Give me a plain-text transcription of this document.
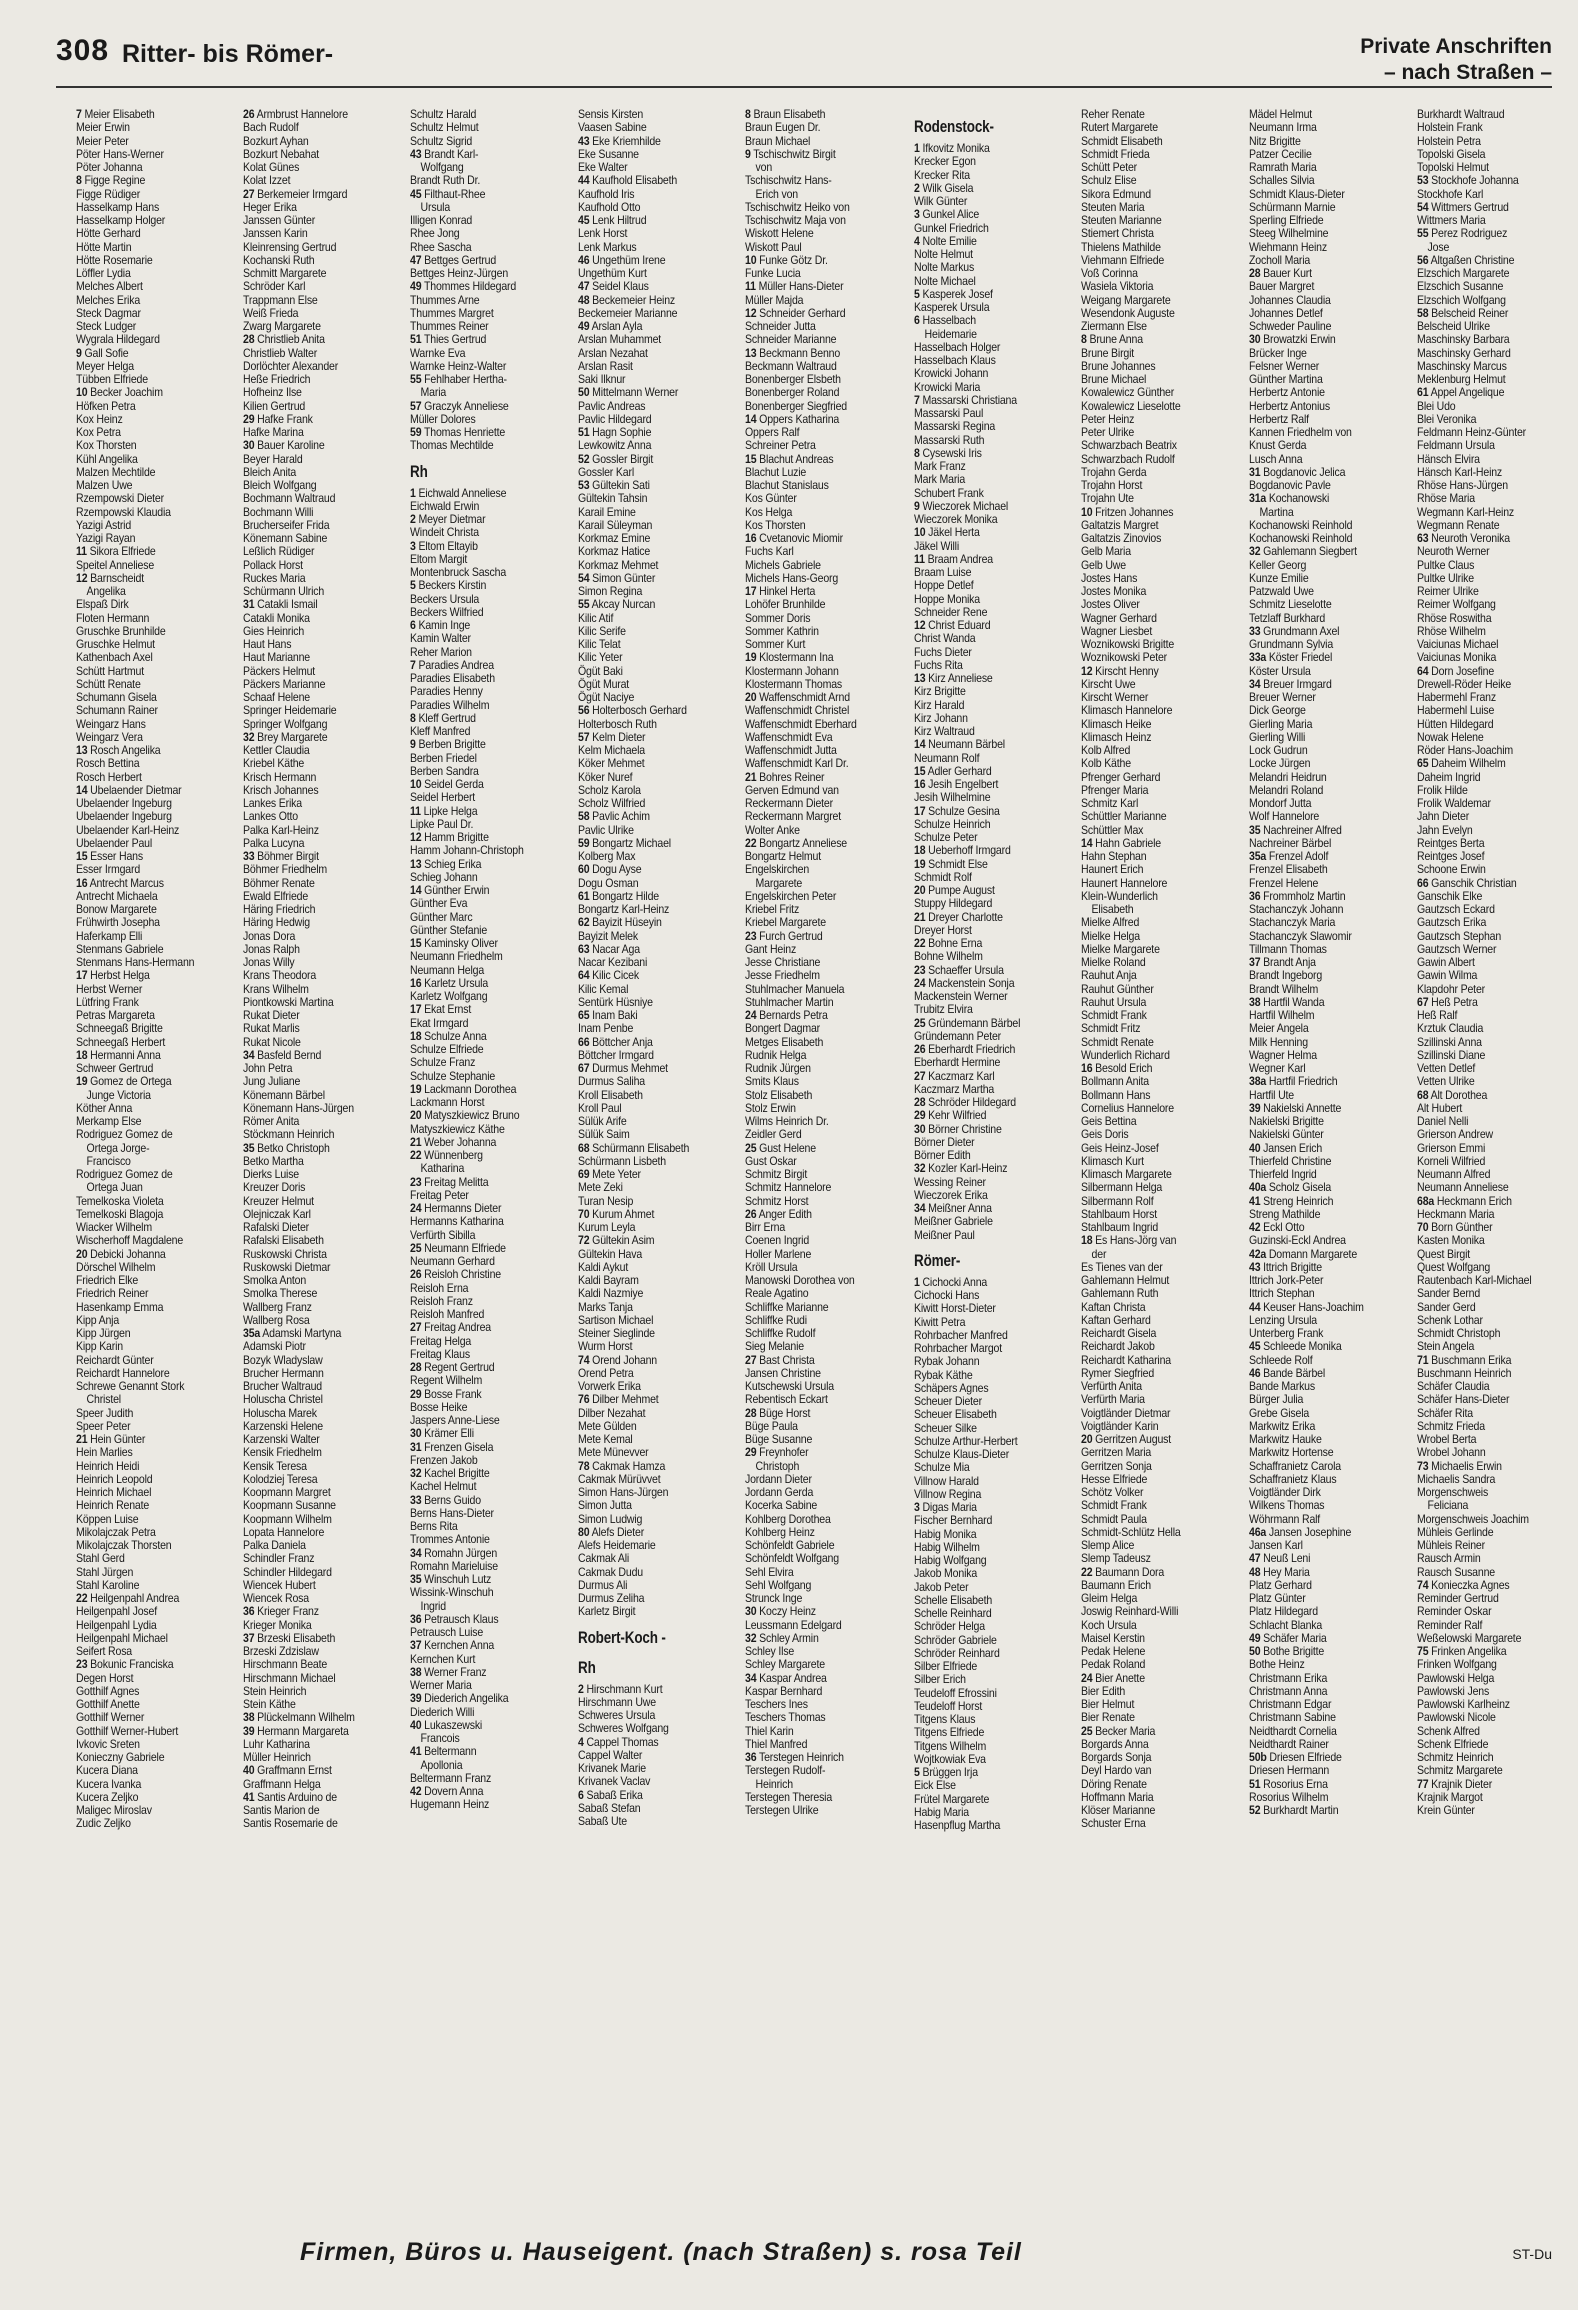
308 Ritter- bis Römer-	Private Anschriften
– nach Straßen –
7 Meier Elisabeth
Meier Erwin
Meier Peter
Pöter Hans-Werner
Pöter Johanna
8 Figge Regine
Figge Rüdiger
Hasselkamp Hans
Hasselkamp Holger
Hötte Gerhard
Hötte Martin
Hötte Rosemarie
Löffler Lydia
Melches Albert
Melches Erika
Steck Dagmar
Steck Ludger
Wygrala Hildegard
9 Gall Sofie
Meyer Helga
Tübben Elfriede
10 Becker Joachim
Höfken Petra
Kox Heinz
Kox Petra
Kox Thorsten
Kühl Angelika
Malzen Mechtilde
Malzen Uwe
Rzempowski Dieter
Rzempowski Klaudia
Yazigi Astrid
Yazigi Rayan
11 Sikora Elfriede
Speitel Anneliese
12 Barnscheidt
Angelika
Elspaß Dirk
Floten Hermann
Gruschke Brunhilde
Gruschke Helmut
Kathenbach Axel
Schütt Hartmut
Schütt Renate
Schumann Gisela
Schumann Rainer
Weingarz Hans
Weingarz Vera
13 Rosch Angelika
Rosch Bettina
Rosch Herbert
14 Ubelaender Dietmar
Ubelaender Ingeburg
Ubelaender Ingeburg
Ubelaender Karl-Heinz
Ubelaender Paul
15 Esser Hans
Esser Irmgard
16 Antrecht Marcus
Antrecht Michaela
Bonow Margarete
Frühwirth Josepha
Haferkamp Elli
Stenmans Gabriele
Stenmans Hans-Hermann
17 Herbst Helga
Herbst Werner
Lütfring Frank
Petras Margareta
Schneegaß Brigitte
Schneegaß Herbert
18 Hermanni Anna
Schweer Gertrud
19 Gomez de Ortega
Junge Victoria
Köther Anna
Merkamp Else
Rodriguez Gomez de
Ortega Jorge-
Francisco
Rodriguez Gomez de
Ortega Juan
Temelkoska Violeta
Temelkoski Blagoja
Wiacker Wilhelm
Wischerhoff Magdalene
20 Debicki Johanna
Dörschel Wilhelm
Friedrich Elke
Friedrich Reiner
Hasenkamp Emma
Kipp Anja
Kipp Jürgen
Kipp Karin
Reichardt Günter
Reichardt Hannelore
Schrewe Genannt Stork
Christel
Speer Judith
Speer Peter
21 Hein Günter
Hein Marlies
Heinrich Heidi
Heinrich Leopold
Heinrich Michael
Heinrich Renate
Köppen Luise
Mikolajczak Petra
Mikolajczak Thorsten
Stahl Gerd
Stahl Jürgen
Stahl Karoline
22 Heilgenpahl Andrea
Heilgenpahl Josef
Heilgenpahl Lydia
Heilgenpahl Michael
Seifert Rosa
23 Bokunic Franciska
Degen Horst
Gotthilf Agnes
Gotthilf Anette
Gotthilf Werner
Gotthilf Werner-Hubert
Ivkovic Sreten
Konieczny Gabriele
Kucera Diana
Kucera Ivanka
Kucera Zeljko
Maligec Miroslav
Zudic Zeljko
26 Armbrust Hannelore
Bach Rudolf
Bozkurt Ayhan
Bozkurt Nebahat
Kolat Günes
Kolat Izzet
27 Berkemeier Irmgard
Heger Erika
Janssen Günter
Janssen Karin
Kleinrensing Gertrud
Kochanski Ruth
Schmitt Margarete
Schröder Karl
Trappmann Else
Weiß Frieda
Zwarg Margarete
28 Christlieb Anita
Christlieb Walter
Dorlöchter Alexander
Heße Friedrich
Hofheinz Ilse
Kilien Gertrud
29 Hafke Frank
Hafke Marina
30 Bauer Karoline
Beyer Harald
Bleich Anita
Bleich Wolfgang
Bochmann Waltraud
Bochmann Willi
Brucherseifer Frida
Könemann Sabine
Leßlich Rüdiger
Pollack Horst
Ruckes Maria
Schürmann Ulrich
31 Catakli Ismail
Catakli Monika
Gies Heinrich
Haut Hans
Haut Marianne
Päckers Helmut
Päckers Marianne
Schaaf Helene
Springer Heidemarie
Springer Wolfgang
32 Brey Margarete
Kettler Claudia
Kriebel Käthe
Krisch Hermann
Krisch Johannes
Lankes Erika
Lankes Otto
Palka Karl-Heinz
Palka Lucyna
33 Böhmer Birgit
Böhmer Friedhelm
Böhmer Renate
Ewald Elfriede
Häring Friedrich
Häring Hedwig
Jonas Dora
Jonas Ralph
Jonas Willy
Krans Theodora
Krans Wilhelm
Piontkowski Martina
Rukat Dieter
Rukat Marlis
Rukat Nicole
34 Basfeld Bernd
John Petra
Jung Juliane
Könemann Bärbel
Könemann Hans-Jürgen
Römer Anita
Stöckmann Heinrich
35 Betko Christoph
Betko Martha
Dierks Luise
Kreuzer Doris
Kreuzer Helmut
Olejniczak Karl
Rafalski Dieter
Rafalski Elisabeth
Ruskowski Christa
Ruskowski Dietmar
Smolka Anton
Smolka Therese
Wallberg Franz
Wallberg Rosa
35a Adamski Martyna
Adamski Piotr
Bozyk Wladyslaw
Brucher Hermann
Brucher Waltraud
Holuscha Christel
Holuscha Marek
Karzenski Helene
Karzenski Walter
Kensik Friedhelm
Kensik Teresa
Kolodziej Teresa
Koopmann Margret
Koopmann Susanne
Koopmann Wilhelm
Lopata Hannelore
Palka Daniela
Schindler Franz
Schindler Hildegard
Wiencek Hubert
Wiencek Rosa
36 Krieger Franz
Krieger Monika
37 Brzeski Elisabeth
Brzeski Zdzislaw
Hirschmann Beate
Hirschmann Michael
Stein Heinrich
Stein Käthe
38 Plückelmann Wilhelm
39 Hermann Margareta
Luhr Katharina
Müller Heinrich
40 Graffmann Ernst
Graffmann Helga
41 Santis Arduino de
Santis Marion de
Santis Rosemarie de
Schultz Harald
Schultz Helmut
Schultz Sigrid
43 Brandt Karl-
Wolfgang
Brandt Ruth Dr.
45 Filthaut-Rhee
Ursula
Illigen Konrad
Rhee Jong
Rhee Sascha
47 Bettges Gertrud
Bettges Heinz-Jürgen
49 Thommes Hildegard
Thummes Arne
Thummes Margret
Thummes Reiner
51 Thies Gertrud
Warnke Eva
Warnke Heinz-Walter
55 Fehlhaber Hertha-
Maria
57 Graczyk Anneliese
Müller Dolores
59 Thomas Henriette
Thomas Mechtilde
Rh
1 Eichwald Anneliese
Eichwald Erwin
2 Meyer Dietmar
Windeit Christa
3 Eltom Eltayib
Eltom Margit
Montenbruck Sascha
5 Beckers Kirstin
Beckers Ursula
Beckers Wilfried
6 Kamin Inge
Kamin Walter
Reher Marion
7 Paradies Andrea
Paradies Elisabeth
Paradies Henny
Paradies Wilhelm
8 Kleff Gertrud
Kleff Manfred
9 Berben Brigitte
Berben Friedel
Berben Sandra
10 Seidel Gerda
Seidel Herbert
11 Lipke Helga
Lipke Paul Dr.
12 Hamm Brigitte
Hamm Johann-Christoph
13 Schieg Erika
Schieg Johann
14 Günther Erwin
Günther Eva
Günther Marc
Günther Stefanie
15 Kaminsky Oliver
Neumann Friedhelm
Neumann Helga
16 Karletz Ursula
Karletz Wolfgang
17 Ekat Ernst
Ekat Irmgard
18 Schulze Anna
Schulze Elfriede
Schulze Franz
Schulze Stephanie
19 Lackmann Dorothea
Lackmann Horst
20 Matyszkiewicz Bruno
Matyszkiewicz Käthe
21 Weber Johanna
22 Wünnenberg
Katharina
23 Freitag Melitta
Freitag Peter
24 Hermanns Dieter
Hermanns Katharina
Verfürth Sibilla
25 Neumann Elfriede
Neumann Gerhard
26 Reisloh Christine
Reisloh Erna
Reisloh Franz
Reisloh Manfred
27 Freitag Andrea
Freitag Helga
Freitag Klaus
28 Regent Gertrud
Regent Wilhelm
29 Bosse Frank
Bosse Heike
Jaspers Anne-Liese
30 Krämer Elli
31 Frenzen Gisela
Frenzen Jakob
32 Kachel Brigitte
Kachel Helmut
33 Berns Guido
Berns Hans-Dieter
Berns Rita
Trommes Antonie
34 Romahn Jürgen
Romahn Marieluise
35 Winschuh Lutz
Wissink-Winschuh
Ingrid
36 Petrausch Klaus
Petrausch Luise
37 Kernchen Anna
Kernchen Kurt
38 Werner Franz
Werner Maria
39 Diederich Angelika
Diederich Willi
40 Lukaszewski
Francois
41 Beltermann
Apollonia
Beltermann Franz
42 Dovern Anna
Hugemann Heinz
Sensis Kirsten
Vaasen Sabine
43 Eke Kriemhilde
Eke Susanne
Eke Walter
44 Kaufhold Elisabeth
Kaufhold Iris
Kaufhold Otto
45 Lenk Hiltrud
Lenk Horst
Lenk Markus
46 Ungethüm Irene
Ungethüm Kurt
47 Seidel Klaus
48 Beckemeier Heinz
Beckemeier Marianne
49 Arslan Ayla
Arslan Muhammet
Arslan Nezahat
Arslan Rasit
Saki Ilknur
50 Mittelmann Werner
Pavlic Andreas
Pavlic Hildegard
51 Hagn Sophie
Lewkowitz Anna
52 Gossler Birgit
Gossler Karl
53 Gültekin Sati
Gültekin Tahsin
Karail Emine
Karail Süleyman
Korkmaz Emine
Korkmaz Hatice
Korkmaz Mehmet
54 Simon Günter
Simon Regina
55 Akcay Nurcan
Kilic Atif
Kilic Serife
Kilic Telat
Kilic Yeter
Ögüt Baki
Ögüt Murat
Ögüt Naciye
56 Holterbosch Gerhard
Holterbosch Ruth
57 Kelm Dieter
Kelm Michaela
Köker Mehmet
Köker Nuref
Scholz Karola
Scholz Wilfried
58 Pavlic Achim
Pavlic Ulrike
59 Bongartz Michael
Kolberg Max
60 Dogu Ayse
Dogu Osman
61 Bongartz Hilde
Bongartz Karl-Heinz
62 Bayizit Hüseyin
Bayizit Melek
63 Nacar Aga
Nacar Kezibani
64 Kilic Cicek
Kilic Kemal
Sentürk Hüsniye
65 Inam Baki
Inam Penbe
66 Böttcher Anja
Böttcher Irmgard
67 Durmus Mehmet
Durmus Saliha
Kroll Elisabeth
Kroll Paul
Sülük Arife
Sülük Saim
68 Schürmann Elisabeth
Schürmann Lisbeth
69 Mete Yeter
Mete Zeki
Turan Nesip
70 Kurum Ahmet
Kurum Leyla
72 Gültekin Asim
Gültekin Hava
Kaldi Aykut
Kaldi Bayram
Kaldi Nazmiye
Marks Tanja
Sartison Michael
Steiner Sieglinde
Wurm Horst
74 Orend Johann
Orend Petra
Vorwerk Erika
76 Dilber Mehmet
Dilber Nezahat
Mete Gülden
Mete Kemal
Mete Münevver
78 Cakmak Hamza
Cakmak Mürüvvet
Simon Hans-Jürgen
Simon Jutta
Simon Ludwig
80 Alefs Dieter
Alefs Heidemarie
Cakmak Ali
Cakmak Dudu
Durmus Ali
Durmus Zeliha
Karletz Birgit
Robert-Koch -
Rh
2 Hirschmann Kurt
Hirschmann Uwe
Schweres Ursula
Schweres Wolfgang
4 Cappel Thomas
Cappel Walter
Krivanek Marie
Krivanek Vaclav
6 Sabaß Erika
Sabaß Stefan
Sabaß Ute
8 Braun Elisabeth
Braun Eugen Dr.
Braun Michael
9 Tschischwitz Birgit
von
Tschischwitz Hans-
Erich von
Tschischwitz Heiko von
Tschischwitz Maja von
Wiskott Helene
Wiskott Paul
10 Funke Götz Dr.
Funke Lucia
11 Müller Hans-Dieter
Müller Majda
12 Schneider Gerhard
Schneider Jutta
Schneider Marianne
13 Beckmann Benno
Beckmann Waltraud
Bonenberger Elsbeth
Bonenberger Roland
Bonenberger Siegfried
14 Oppers Katharina
Oppers Ralf
Schreiner Petra
15 Blachut Andreas
Blachut Luzie
Blachut Stanislaus
Kos Günter
Kos Helga
Kos Thorsten
16 Cvetanovic Miomir
Fuchs Karl
Michels Gabriele
Michels Hans-Georg
17 Hinkel Herta
Lohöfer Brunhilde
Sommer Doris
Sommer Kathrin
Sommer Kurt
19 Klostermann Ina
Klostermann Johann
Klostermann Thomas
20 Waffenschmidt Arnd
Waffenschmidt Christel
Waffenschmidt Eberhard
Waffenschmidt Eva
Waffenschmidt Jutta
Waffenschmidt Karl Dr.
21 Bohres Reiner
Gerven Edmund van
Reckermann Dieter
Reckermann Margret
Wolter Anke
22 Bongartz Anneliese
Bongartz Helmut
Engelskirchen
Margarete
Engelskirchen Peter
Kriebel Fritz
Kriebel Margarete
23 Furch Gertrud
Gant Heinz
Jesse Christiane
Jesse Friedhelm
Stuhlmacher Manuela
Stuhlmacher Martin
24 Bernards Petra
Bongert Dagmar
Metges Elisabeth
Rudnik Helga
Rudnik Jürgen
Smits Klaus
Stolz Elisabeth
Stolz Erwin
Wilms Heinrich Dr.
Zeidler Gerd
25 Gust Helene
Gust Oskar
Schmitz Birgit
Schmitz Hannelore
Schmitz Horst
26 Anger Edith
Birr Erna
Coenen Ingrid
Holler Marlene
Kröll Ursula
Manowski Dorothea von
Reale Agatino
Schliffke Marianne
Schliffke Rudi
Schliffke Rudolf
Sieg Melanie
27 Bast Christa
Jansen Christine
Kutschewski Ursula
Rebentisch Eckart
28 Büge Horst
Büge Paula
Büge Susanne
29 Freynhofer
Christoph
Jordann Dieter
Jordann Gerda
Kocerka Sabine
Kohlberg Dorothea
Kohlberg Heinz
Schönfeldt Gabriele
Schönfeldt Wolfgang
Sehl Elvira
Sehl Wolfgang
Strunck Inge
30 Koczy Heinz
Leussmann Edelgard
32 Schley Armin
Schley Ilse
Schley Margarete
34 Kaspar Andrea
Kaspar Bernhard
Teschers Ines
Teschers Thomas
Thiel Karin
Thiel Manfred
36 Terstegen Heinrich
Terstegen Rudolf-
Heinrich
Terstegen Theresia
Terstegen Ulrike
Rodenstock-
1 Ifkovitz Monika
Krecker Egon
Krecker Rita
2 Wilk Gisela
Wilk Günter
3 Gunkel Alice
Gunkel Friedrich
4 Nolte Emilie
Nolte Helmut
Nolte Markus
Nolte Michael
5 Kasperek Josef
Kasperek Ursula
6 Hasselbach
Heidemarie
Hasselbach Holger
Hasselbach Klaus
Krowicki Johann
Krowicki Maria
7 Massarski Christiana
Massarski Paul
Massarski Regina
Massarski Ruth
8 Cysewski Iris
Mark Franz
Mark Maria
Schubert Frank
9 Wieczorek Michael
Wieczorek Monika
10 Jäkel Herta
Jäkel Willi
11 Braam Andrea
Braam Luise
Hoppe Detlef
Hoppe Monika
Schneider Rene
12 Christ Eduard
Christ Wanda
Fuchs Dieter
Fuchs Rita
13 Kirz Anneliese
Kirz Brigitte
Kirz Harald
Kirz Johann
Kirz Waltraud
14 Neumann Bärbel
Neumann Rolf
15 Adler Gerhard
16 Jesih Engelbert
Jesih Wilhelmine
17 Schulze Gesina
Schulze Heinrich
Schulze Peter
18 Ueberhoff Irmgard
19 Schmidt Else
Schmidt Rolf
20 Pumpe August
Stuppy Hildegard
21 Dreyer Charlotte
Dreyer Horst
22 Bohne Erna
Bohne Wilhelm
23 Schaeffer Ursula
24 Mackenstein Sonja
Mackenstein Werner
Trubitz Elvira
25 Gründemann Bärbel
Gründemann Peter
26 Eberhardt Friedrich
Eberhardt Hermine
27 Kaczmarz Karl
Kaczmarz Martha
28 Schröder Hildegard
29 Kehr Wilfried
30 Börner Christine
Börner Dieter
Börner Edith
32 Kozler Karl-Heinz
Wessing Reiner
Wieczorek Erika
34 Meißner Anna
Meißner Gabriele
Meißner Paul
Römer-
1 Cichocki Anna
Cichocki Hans
Kiwitt Horst-Dieter
Kiwitt Petra
Rohrbacher Manfred
Rohrbacher Margot
Rybak Johann
Rybak Käthe
Schäpers Agnes
Scheuer Dieter
Scheuer Elisabeth
Scheuer Silke
Schulze Arthur-Herbert
Schulze Klaus-Dieter
Schulze Mia
Villnow Harald
Villnow Regina
3 Digas Maria
Fischer Bernhard
Habig Monika
Habig Wilhelm
Habig Wolfgang
Jakob Monika
Jakob Peter
Schelle Elisabeth
Schelle Reinhard
Schröder Helga
Schröder Gabriele
Schröder Reinhard
Silber Elfriede
Silber Erich
Teudeloff Efrossini
Teudeloff Horst
Titgens Klaus
Titgens Elfriede
Titgens Wilhelm
Wojtkowiak Eva
5 Brüggen Irja
Eick Else
Frütel Margarete
Habig Maria
Hasenpflug Martha
Reher Renate
Rutert Margarete
Schmidt Elisabeth
Schmidt Frieda
Schütt Peter
Schulz Elise
Sikora Edmund
Steuten Maria
Steuten Marianne
Stiemert Christa
Thielens Mathilde
Viehmann Elfriede
Voß Corinna
Wasiela Viktoria
Weigang Margarete
Wesendonk Auguste
Ziermann Else
8 Brune Anna
Brune Birgit
Brune Johannes
Brune Michael
Kowalewicz Günther
Kowalewicz Lieselotte
Peter Heinz
Peter Ulrike
Schwarzbach Beatrix
Schwarzbach Rudolf
Trojahn Gerda
Trojahn Horst
Trojahn Ute
10 Fritzen Johannes
Galtatzis Margret
Galtatzis Zinovios
Gelb Maria
Gelb Uwe
Jostes Hans
Jostes Monika
Jostes Oliver
Wagner Gerhard
Wagner Liesbet
Woznikowski Brigitte
Woznikowski Peter
12 Kirscht Henny
Kirscht Uwe
Kirscht Werner
Klimasch Hannelore
Klimasch Heike
Klimasch Heinz
Kolb Alfred
Kolb Käthe
Pfrenger Gerhard
Pfrenger Maria
Schmitz Karl
Schüttler Marianne
Schüttler Max
14 Hahn Gabriele
Hahn Stephan
Haunert Erich
Haunert Hannelore
Klein-Wunderlich
Elisabeth
Mielke Alfred
Mielke Helga
Mielke Margarete
Mielke Roland
Rauhut Anja
Rauhut Günther
Rauhut Ursula
Schmidt Frank
Schmidt Fritz
Schmidt Renate
Wunderlich Richard
16 Besold Erich
Bollmann Anita
Bollmann Hans
Cornelius Hannelore
Geis Bettina
Geis Doris
Geis Heinz-Josef
Klimasch Kurt
Klimasch Margarete
Silbermann Helga
Silbermann Rolf
Stahlbaum Horst
Stahlbaum Ingrid
18 Es Hans-Jörg van
der
Es Tienes van der
Gahlemann Helmut
Gahlemann Ruth
Kaftan Christa
Kaftan Gerhard
Reichardt Gisela
Reichardt Jakob
Reichardt Katharina
Rymer Siegfried
Verfürth Anita
Verfürth Maria
Voigtländer Dietmar
Voigtländer Karin
20 Gerritzen August
Gerritzen Maria
Gerritzen Sonja
Hesse Elfriede
Schötz Volker
Schmidt Frank
Schmidt Paula
Schmidt-Schlütz Hella
Slemp Alice
Slemp Tadeusz
22 Baumann Dora
Baumann Erich
Gleim Helga
Joswig Reinhard-Willi
Koch Ursula
Maisel Kerstin
Pedak Helene
Pedak Roland
24 Bier Anette
Bier Edith
Bier Helmut
Bier Renate
25 Becker Maria
Borgards Anna
Borgards Sonja
Deyl Hardo van
Döring Renate
Hoffmann Maria
Klöser Marianne
Schuster Erna
Mädel Helmut
Neumann Irma
Nitz Brigitte
Patzer Cecilie
Ramrath Maria
Schalles Silvia
Schmidt Klaus-Dieter
Schürmann Marnie
Sperling Elfriede
Steeg Wilhelmine
Wiehmann Heinz
Zocholl Maria
28 Bauer Kurt
Bauer Margret
Johannes Claudia
Johannes Detlef
Schweder Pauline
30 Browatzki Erwin
Brücker Inge
Felsner Werner
Günther Martina
Herbertz Antonie
Herbertz Antonius
Herbertz Ralf
Kannen Friedhelm von
Knust Gerda
Lusch Anna
31 Bogdanovic Jelica
Bogdanovic Pavle
31a Kochanowski
Martina
Kochanowski Reinhold
Kochanowski Reinhold
32 Gahlemann Siegbert
Keller Georg
Kunze Emilie
Patzwald Uwe
Schmitz Lieselotte
Tetzlaff Burkhard
33 Grundmann Axel
Grundmann Sylvia
33a Köster Friedel
Köster Ursula
34 Breuer Irmgard
Breuer Werner
Dick George
Gierling Maria
Gierling Willi
Lock Gudrun
Locke Jürgen
Melandri Heidrun
Melandri Roland
Mondorf Jutta
Wolf Hannelore
35 Nachreiner Alfred
Nachreiner Bärbel
35a Frenzel Adolf
Frenzel Elisabeth
Frenzel Helene
36 Frommholz Martin
Stachanczyk Johann
Stachanczyk Maria
Stachanczyk Slawomir
Tillmann Thomas
37 Brandt Anja
Brandt Ingeborg
Brandt Wilhelm
38 Hartfil Wanda
Hartfil Wilhelm
Meier Angela
Milk Henning
Wagner Helma
Wegner Karl
38a Hartfil Friedrich
Hartfil Ute
39 Nakielski Annette
Nakielski Brigitte
Nakielski Günter
40 Jansen Erich
Thierfeld Christine
Thierfeld Ingrid
40a Scholz Gisela
41 Streng Heinrich
Streng Mathilde
42 Eckl Otto
Guzinski-Eckl Andrea
42a Domann Margarete
43 Ittrich Brigitte
Ittrich Jork-Peter
Ittrich Stephan
44 Keuser Hans-Joachim
Lenzing Ursula
Unterberg Frank
45 Schleede Monika
Schleede Rolf
46 Bande Bärbel
Bande Markus
Bürger Julia
Grebe Gisela
Markwitz Erika
Markwitz Hauke
Markwitz Hortense
Schaffranietz Carola
Schaffranietz Klaus
Voigtländer Dirk
Wilkens Thomas
Wöhrmann Ralf
46a Jansen Josephine
Jansen Karl
47 Neuß Leni
48 Hey Maria
Platz Gerhard
Platz Günter
Platz Hildegard
Schlacht Blanka
49 Schäfer Maria
50 Bothe Brigitte
Bothe Heinz
Christmann Erika
Christmann Anna
Christmann Edgar
Christmann Sabine
Neidthardt Cornelia
Neidthardt Rainer
50b Driesen Elfriede
Driesen Hermann
51 Rosorius Erna
Rosorius Wilhelm
52 Burkhardt Martin
Burkhardt Waltraud
Holstein Frank
Holstein Petra
Topolski Gisela
Topolski Helmut
53 Stockhofe Johanna
Stockhofe Karl
54 Wittmers Gertrud
Wittmers Maria
55 Perez Rodriguez
Jose
56 Altgaßen Christine
Elzschich Margarete
Elzschich Susanne
Elzschich Wolfgang
58 Belscheid Reiner
Belscheid Ulrike
Maschinsky Barbara
Maschinsky Gerhard
Maschinsky Marcus
Meklenburg Helmut
61 Appel Angelique
Blei Udo
Blei Veronika
Feldmann Heinz-Günter
Feldmann Ursula
Hänsch Elvira
Hänsch Karl-Heinz
Rhöse Hans-Jürgen
Rhöse Maria
Wegmann Karl-Heinz
Wegmann Renate
63 Neuroth Veronika
Neuroth Werner
Pultke Claus
Pultke Ulrike
Reimer Ulrike
Reimer Wolfgang
Rhöse Roswitha
Rhöse Wilhelm
Vaiciunas Michael
Vaiciunas Monika
64 Dorn Josefine
Drewell-Röder Heike
Habermehl Franz
Habermehl Luise
Hütten Hildegard
Nowak Helene
Röder Hans-Joachim
65 Daheim Wilhelm
Daheim Ingrid
Frolik Hilde
Frolik Waldemar
Jahn Dieter
Jahn Evelyn
Reintges Berta
Reintges Josef
Schoone Erwin
66 Ganschik Christian
Ganschik Elke
Gautzsch Eckard
Gautzsch Erika
Gautzsch Stephan
Gautzsch Werner
Gawin Albert
Gawin Wilma
Klapdohr Peter
67 Heß Petra
Heß Ralf
Krztuk Claudia
Szillinski Anna
Szillinski Diane
Vetten Detlef
Vetten Ulrike
68 Alt Dorothea
Alt Hubert
Daniel Nelli
Grierson Andrew
Grierson Emmi
Korneli Wilfried
Neumann Alfred
Neumann Anneliese
68a Heckmann Erich
Heckmann Maria
70 Born Günther
Kasten Monika
Quest Birgit
Quest Wolfgang
Rautenbach Karl-Michael
Sander Bernd
Sander Gerd
Schenk Lothar
Schmidt Christoph
Stein Angela
71 Buschmann Erika
Buschmann Heinrich
Schäfer Claudia
Schäfer Hans-Dieter
Schäfer Rita
Schmitz Frieda
Wrobel Berta
Wrobel Johann
73 Michaelis Erwin
Michaelis Sandra
Morgenschweis
Feliciana
Morgenschweis Joachim
Mühleis Gerlinde
Mühleis Reiner
Rausch Armin
Rausch Susanne
74 Konieczka Agnes
Reminder Gertrud
Reminder Oskar
Reminder Ralf
Weßelowski Margarete
75 Frinken Angelika
Frinken Wolfgang
Pawlowski Helga
Pawlowski Jens
Pawlowski Karlheinz
Pawlowski Nicole
Schenk Alfred
Schenk Elfriede
Schmitz Heinrich
Schmitz Margarete
77 Krajnik Dieter
Krajnik Margot
Krein Günter
Firmen, Büros u. Hauseigent. (nach Straßen) s. rosa Teil	ST-Du
